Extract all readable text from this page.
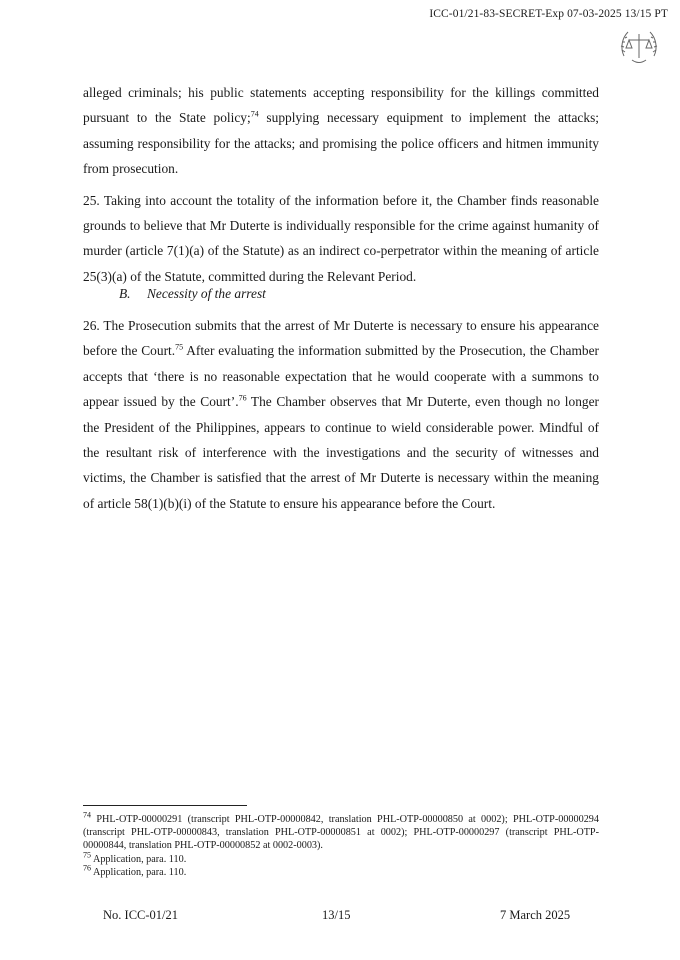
ICC-01/21-83-SECRET-Exp 07-03-2025 13/15 PT

alleged criminals; his public statements accepting responsibility for the killings committed pursuant to the State policy;$^{74}$ supplying necessary equipment to implement the attacks; assuming responsibility for the attacks; and promising the police officers and hitmen immunity from prosecution.

25. Taking into account the totality of the information before it, the Chamber finds reasonable grounds to believe that Mr Duterte is individually responsible for the crime against humanity of murder (article 7(1)(a) of the Statute) as an indirect co-perpetrator within the meaning of article 25(3)(a) of the Statute, committed during the Relevant Period.

B. Necessity of the arrest

26. The Prosecution submits that the arrest of Mr Duterte is necessary to ensure his appearance before the Court.$^{75}$ After evaluating the information submitted by the Prosecution, the Chamber accepts that ‘there is no reasonable expectation that he would cooperate with a summons to appear issued by the Court’.$^{76}$ The Chamber observes that Mr Duterte, even though no longer the President of the Philippines, appears to continue to wield considerable power. Mindful of the resultant risk of interference with the investigations and the security of witnesses and victims, the Chamber is satisfied that the arrest of Mr Duterte is necessary within the meaning of article 58(1)(b)(i) of the Statute to ensure his appearance before the Court.

$^{74}$ PHL-OTP-00000291 (transcript PHL-OTP-00000842, translation PHL-OTP-00000850 at 0002); PHL-OTP-00000294 (transcript PHL-OTP-00000843, translation PHL-OTP-00000851 at 0002); PHL-OTP-00000297 (transcript PHL-OTP-00000844, translation PHL-OTP-00000852 at 0002-0003).
$^{75}$ Application, para. 110.
$^{76}$ Application, para. 110.
No. ICC-01/21	13/15	7 March 2025
